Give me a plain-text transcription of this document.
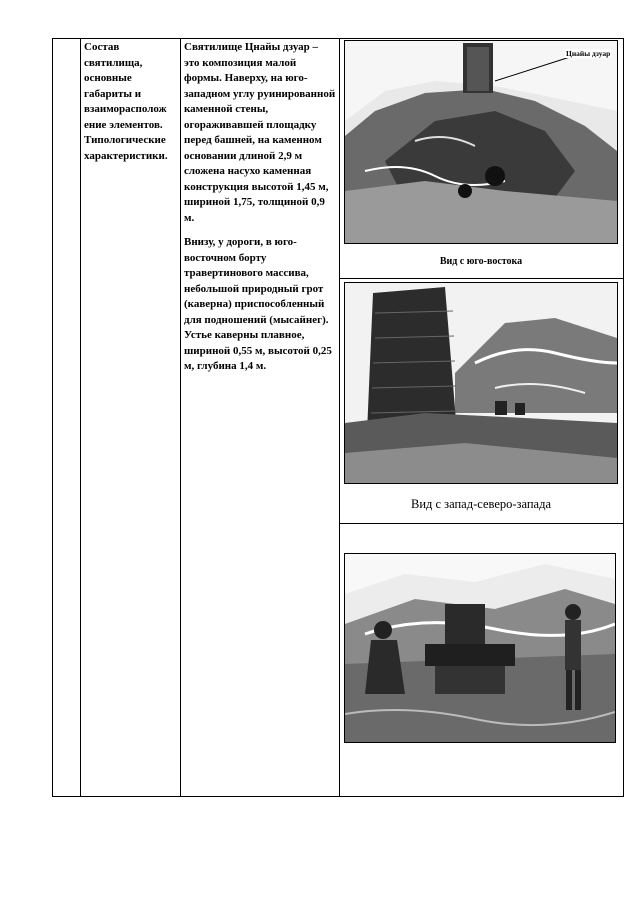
Состав святилища, основные габариты и взаиморасполож ение элементов. Типологические характеристики.

Святилище Цнайы дзуар – это композиция малой формы. Наверху, на юго-западном углу руинированной каменной стены, огораживавшей площадку перед башней, на каменном основании длиной 2,9 м сложена насухо каменная конструкция высотой 1,45 м, шириной 1,75, толщиной 0,9 м.

Внизу, у дороги, в юго-восточном борту травертинового массива, небольшой природный грот (каверна) приспособленный для подношений (мысайнег). Устье каверны плавное, шириной 0,55 м, высотой 0,25 м, глубина 1,4 м.

Цнайы дзуар
Вид с юго-востока
Вид с запад-северо-запада
